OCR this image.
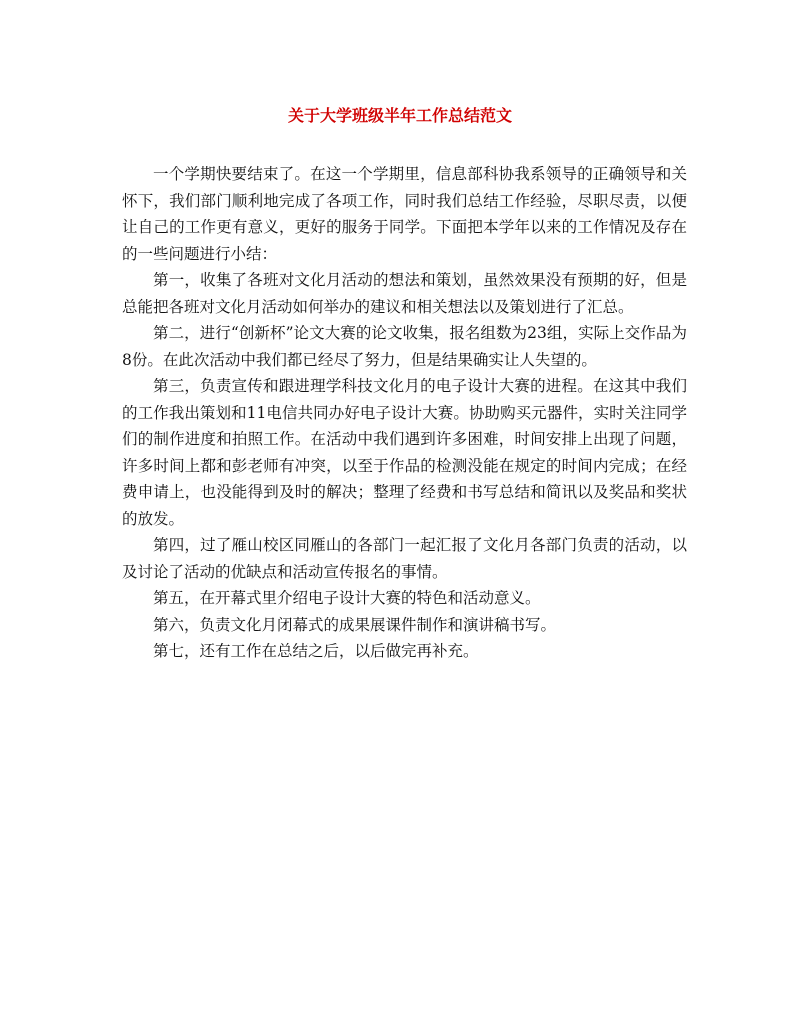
关于大学班级半年工作总结范文

一个学期快要结束了。在这一个学期里，信息部科协我系领导的正确领导和关怀下，我们部门顺利地完成了各项工作，同时我们总结工作经验，尽职尽责，以便让自己的工作更有意义，更好的服务于同学。下面把本学年以来的工作情况及存在的一些问题进行小结：

第一，收集了各班对文化月活动的想法和策划，虽然效果没有预期的好，但是总能把各班对文化月活动如何举办的建议和相关想法以及策划进行了汇总。

第二，进行“创新杯”论文大赛的论文收集，报名组数为23组，实际上交作品为8份。在此次活动中我们都已经尽了努力，但是结果确实让人失望的。

第三，负责宣传和跟进理学科技文化月的电子设计大赛的进程。在这其中我们的工作我出策划和11电信共同办好电子设计大赛。协助购买元器件，实时关注同学们的制作进度和拍照工作。在活动中我们遇到许多困难，时间安排上出现了问题，许多时间上都和彭老师有冲突，以至于作品的检测没能在规定的时间内完成；在经费申请上，也没能得到及时的解决；整理了经费和书写总结和简讯以及奖品和奖状的放发。

第四，过了雁山校区同雁山的各部门一起汇报了文化月各部门负责的活动，以及讨论了活动的优缺点和活动宣传报名的事情。

第五，在开幕式里介绍电子设计大赛的特色和活动意义。

第六，负责文化月闭幕式的成果展课件制作和演讲稿书写。

第七，还有工作在总结之后，以后做完再补充。
